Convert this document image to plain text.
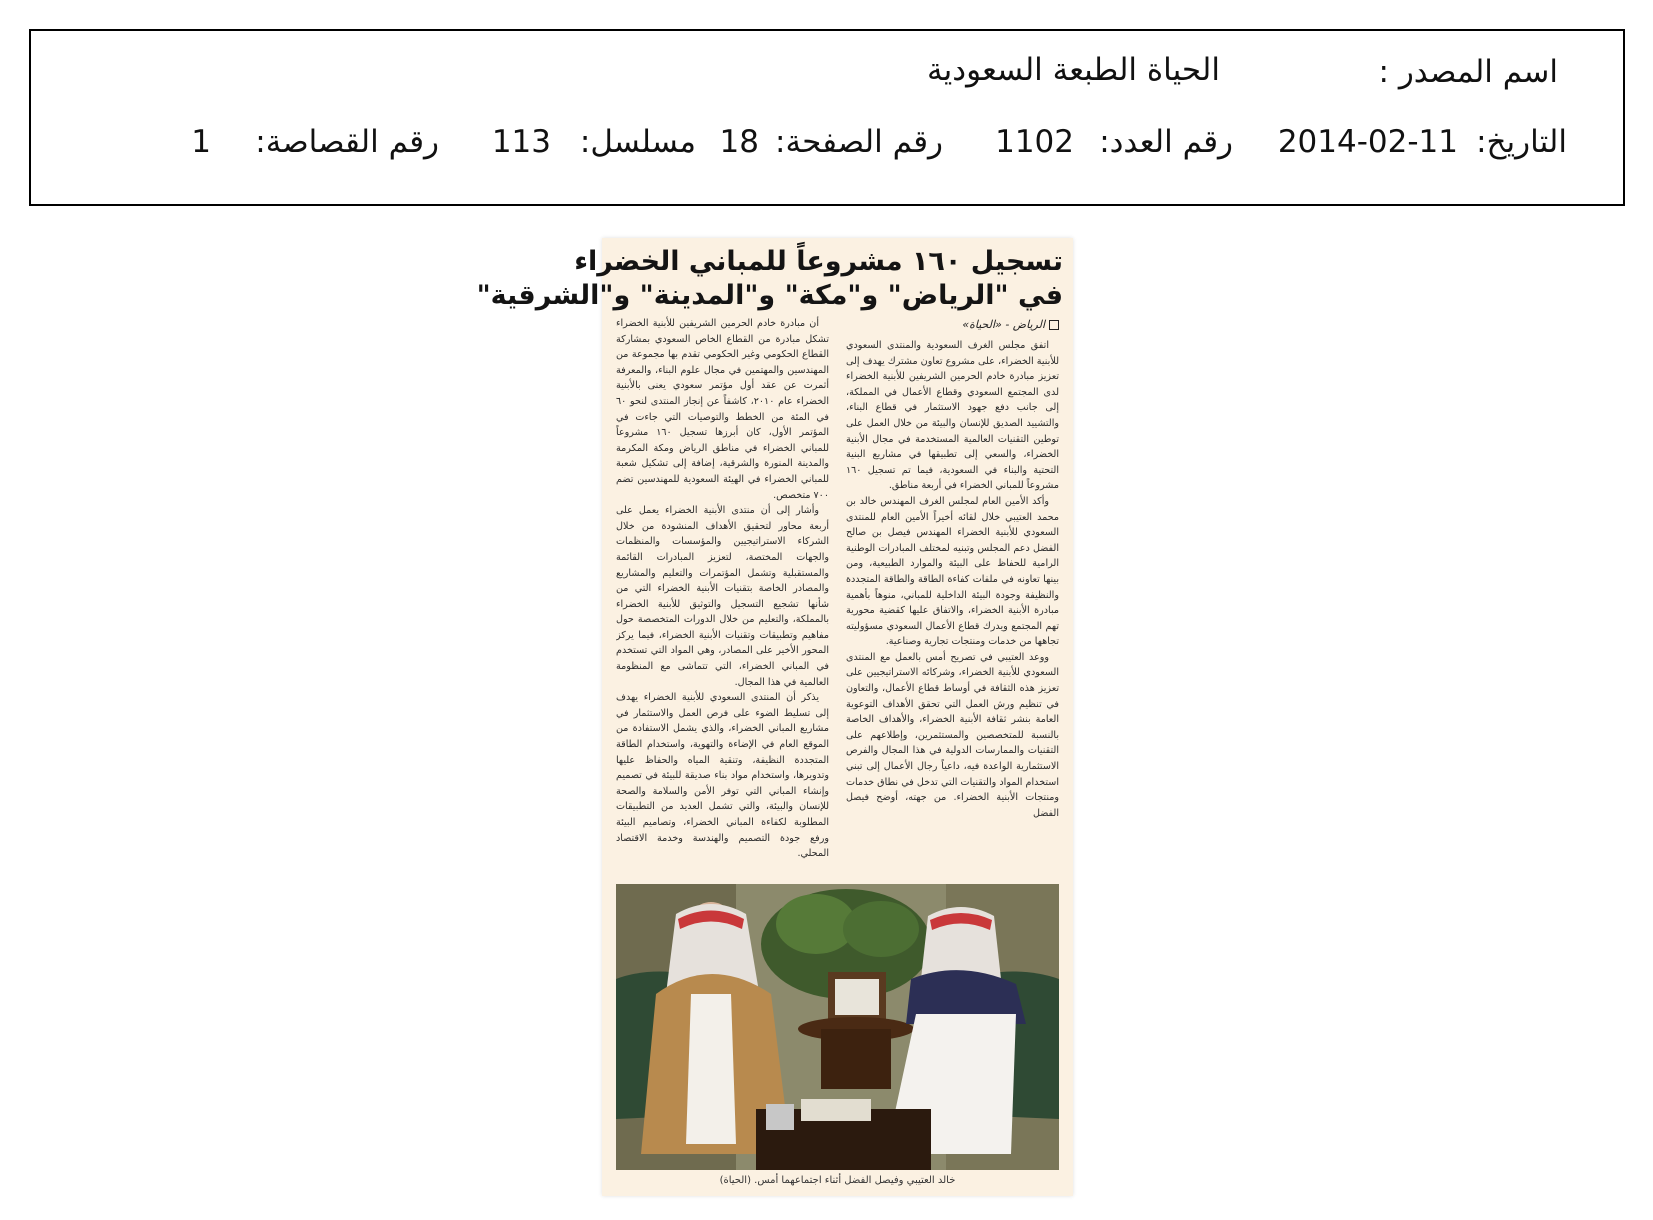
اسم المصدر :
الحياة الطبعة السعودية
التاريخ:
2014-02-11
رقم العدد:
1102
رقم الصفحة:
18
مسلسل:
113
رقم القصاصة:
1
تسجيل ١٦٠ مشروعاً للمباني الخضراء
في "الرياض" و"مكة" و"المدينة" و"الشرقية"
الرياض - «الحياة»

اتفق مجلس الغرف السعودية والمنتدى السعودي للأبنية الخضراء، على مشروع تعاون مشترك يهدف إلى تعزيز مبادرة خادم الحرمين الشريفين للأبنية الخضراء لدى المجتمع السعودي وقطاع الأعمال في المملكة، إلى جانب دفع جهود الاستثمار في قطاع البناء، والتشييد الصديق للإنسان والبيئة من خلال العمل على توطين التقنيات العالمية المستخدمة في مجال الأبنية الخضراء، والسعي إلى تطبيقها في مشاريع البنية التحتية والبناء في السعودية، فيما تم تسجيل ١٦٠ مشروعاً للمباني الخضراء في أربعة مناطق.

وأكد الأمين العام لمجلس الغرف المهندس خالد بن محمد العتيبي خلال لقائه أخيراً الأمين العام للمنتدى السعودي للأبنية الخضراء المهندس فيصل بن صالح الفضل دعم المجلس وتبنيه لمختلف المبادرات الوطنية الرامية للحفاظ على البيئة والموارد الطبيعية، ومن بينها تعاونه في ملفات كفاءة الطاقة والطاقة المتجددة والنظيفة وجودة البيئة الداخلية للمباني، منوهاً بأهمية مبادرة الأبنية الخضراء، والاتفاق عليها كقضية محورية تهم المجتمع ويدرك قطاع الأعمال السعودي مسؤوليته تجاهها من خدمات ومنتجات تجارية وصناعية.

ووعد العتيبي في تصريح أمس بالعمل مع المنتدى السعودي للأبنية الخضراء، وشركائه الاستراتيجيين على تعزيز هذه الثقافة في أوساط قطاع الأعمال، والتعاون في تنظيم ورش العمل التي تحقق الأهداف التوعوية العامة بنشر ثقافة الأبنية الخضراء، والأهداف الخاصة بالنسبة للمتخصصين والمستثمرين، وإطلاعهم على التقنيات والممارسات الدولية في هذا المجال والفرص الاستثمارية الواعدة فيه، داعياً رجال الأعمال إلى تبني استخدام المواد والتقنيات التي تدخل في نطاق خدمات ومنتجات الأبنية الخضراء. من جهته، أوضح فيصل الفضل

أن مبادرة خادم الحرمين الشريفين للأبنية الخضراء تشكل مبادرة من القطاع الخاص السعودي بمشاركة القطاع الحكومي وغير الحكومي تقدم بها مجموعة من المهندسين والمهتمين في مجال علوم البناء، والمعرفة أثمرت عن عقد أول مؤتمر سعودي يعنى بالأبنية الخضراء عام ٢٠١٠، كاشفاً عن إنجاز المنتدى لنحو ٦٠ في المئة من الخطط والتوصيات التي جاءت في المؤتمر الأول، كان أبرزها تسجيل ١٦٠ مشروعاً للمباني الخضراء في مناطق الرياض ومكة المكرمة والمدينة المنورة والشرقية، إضافة إلى تشكيل شعبة للمباني الخضراء في الهيئة السعودية للمهندسين تضم ٧٠٠ متخصص.

وأشار إلى أن منتدى الأبنية الخضراء يعمل على أربعة محاور لتحقيق الأهداف المنشودة من خلال الشركاء الاستراتيجيين والمؤسسات والمنظمات والجهات المختصة، لتعزيز المبادرات القائمة والمستقبلية وتشمل المؤتمرات والتعليم والمشاريع والمصادر الخاصة بتقنيات الأبنية الخضراء التي من شأنها تشجيع التسجيل والتوثيق للأبنية الخضراء بالمملكة، والتعليم من خلال الدورات المتخصصة حول مفاهيم وتطبيقات وتقنيات الأبنية الخضراء، فيما يركز المحور الأخير على المصادر، وهي المواد التي تستخدم في المباني الخضراء، التي تتماشى مع المنظومة العالمية في هذا المجال.

يذكر أن المنتدى السعودي للأبنية الخضراء يهدف إلى تسليط الضوء على فرص العمل والاستثمار في مشاريع المباني الخضراء، والذي يشمل الاستفادة من الموقع العام في الإضاءة والتهوية، واستخدام الطاقة المتجددة النظيفة، وتنقية المياه والحفاظ عليها وتدويرها، واستخدام مواد بناء صديقة للبيئة في تصميم وإنشاء المباني التي توفر الأمن والسلامة والصحة للإنسان والبيئة، والتي تشمل العديد من التطبيقات المطلوبة لكفاءة المباني الخضراء، وتصاميم البيئة ورفع جودة التصميم والهندسة وخدمة الاقتصاد المحلي.

خالد العتيبي وفيصل الفضل أثناء اجتماعهما أمس. (الحياة)
